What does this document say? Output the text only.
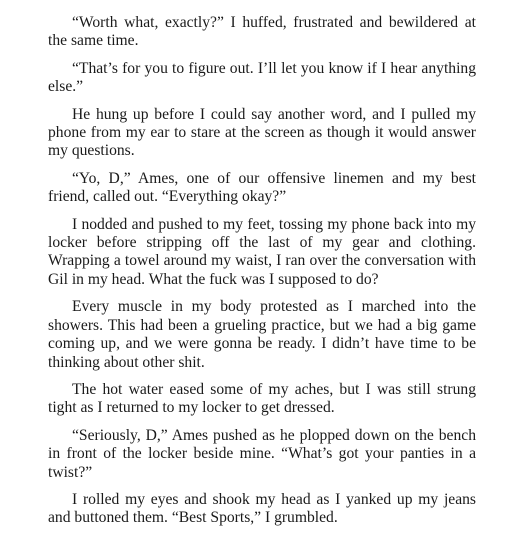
“Worth what, exactly?” I huffed, frustrated and bewildered at the same time.

“That’s for you to figure out. I’ll let you know if I hear anything else.”

He hung up before I could say another word, and I pulled my phone from my ear to stare at the screen as though it would answer my questions.

“Yo, D,” Ames, one of our offensive linemen and my best friend, called out. “Everything okay?”

I nodded and pushed to my feet, tossing my phone back into my locker before stripping off the last of my gear and clothing. Wrapping a towel around my waist, I ran over the conversation with Gil in my head. What the fuck was I supposed to do?

Every muscle in my body protested as I marched into the showers. This had been a grueling practice, but we had a big game coming up, and we were gonna be ready. I didn’t have time to be thinking about other shit.

The hot water eased some of my aches, but I was still strung tight as I returned to my locker to get dressed.

“Seriously, D,” Ames pushed as he plopped down on the bench in front of the locker beside mine. “What’s got your panties in a twist?”

I rolled my eyes and shook my head as I yanked up my jeans and buttoned them. “Best Sports,” I grumbled.
